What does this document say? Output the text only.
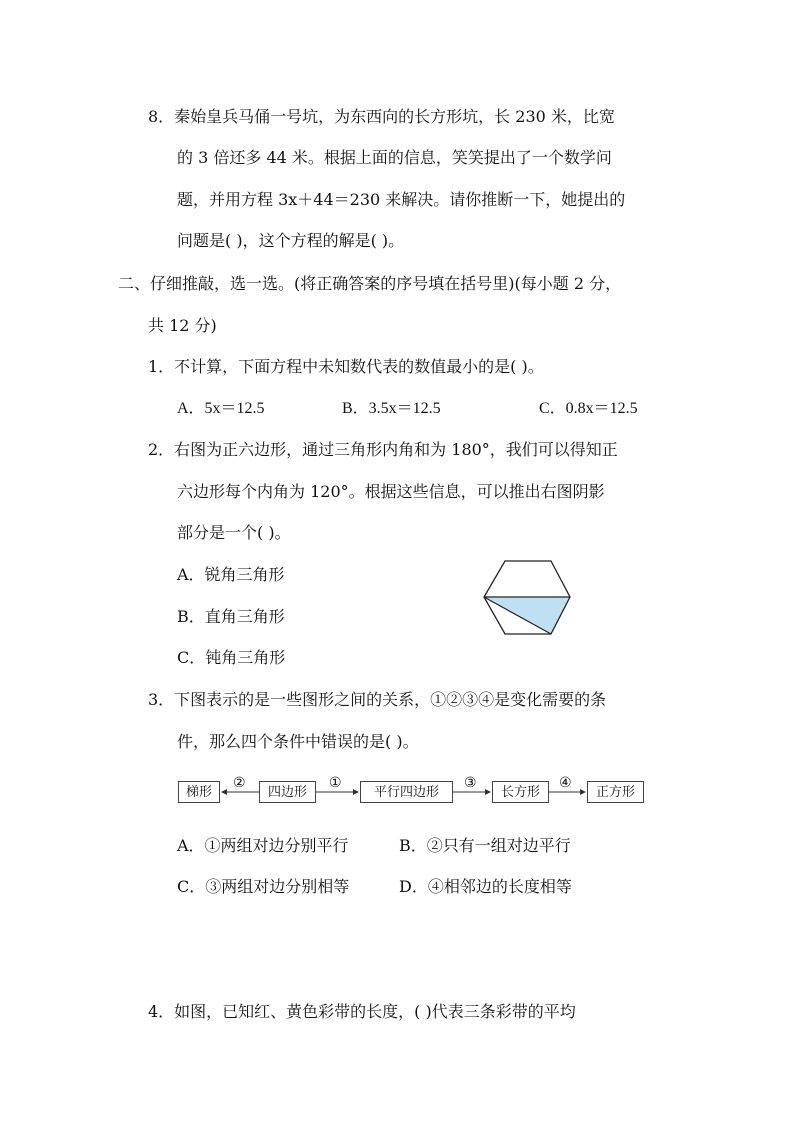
8．秦始皇兵马俑一号坑，为东西向的长方形坑，长 230 米，比宽
的 3 倍还多 44 米。根据上面的信息，笑笑提出了一个数学问
题，并用方程 3x＋44＝230 来解决。请你推断一下，她提出的
问题是( )，这个方程的解是( )。
二、仔细推敲，选一选。(将正确答案的序号填在括号里)(每小题 2 分，
共 12 分)
1．不计算，下面方程中未知数代表的数值最小的是( )。
A．5x＝12.5	B．3.5x＝12.5	C．0.8x＝12.5
2．右图为正六边形，通过三角形内角和为 180°，我们可以得知正
六边形每个内角为 120°。根据这些信息，可以推出右图阴影
部分是一个( )。
A．锐角三角形
B．直角三角形
C．钝角三角形
3．下图表示的是一些图形之间的关系，①②③④是变化需要的条
件，那么四个条件中错误的是( )。
梯形	四边形	平行四边形	长方形	正方形
②	①	③	④
A．①两组对边分别平行	B．②只有一组对边平行
C．③两组对边分别相等	D．④相邻边的长度相等
4．如图，已知红、黄色彩带的长度，( )代表三条彩带的平均
